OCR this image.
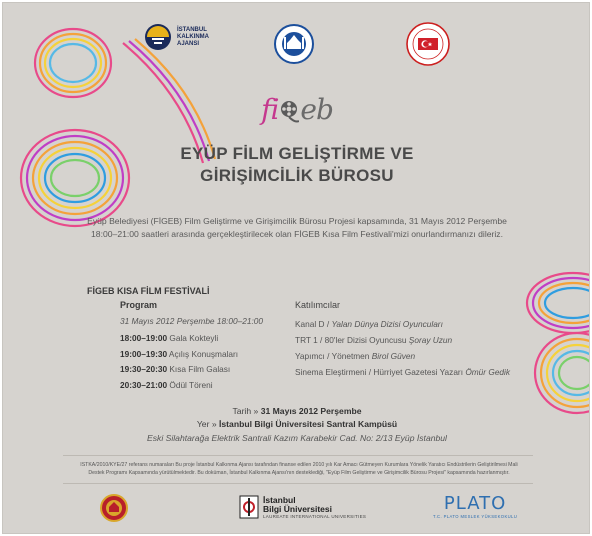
İSTANBUL KALKINMA AJANSI
fi eb
EYÜP FİLM GELİŞTİRME VE
GİRİŞİMCİLİK BÜROSU
Eyüp Belediyesi (FİGEB) Film Geliştirme ve Girişimcilik Bürosu Projesi kapsamında, 31 Mayıs 2012 Perşembe
18:00–21:00 saatleri arasında gerçekleştirilecek olan FİGEB Kısa Film Festivali'mizi onurlandırmanızı dileriz.
FİGEB KISA FİLM FESTİVALİ
Program
31 Mayıs 2012 Perşembe 18:00–21:00
18:00–19:00 Gala Kokteyli
19:00–19:30 Açılış Konuşmaları
19:30–20:30 Kısa Film Galası
20:30–21:00 Ödül Töreni
Katılımcılar
Kanal D / Yalan Dünya Dizisi Oyuncuları
TRT 1 / 80'ler Dizisi Oyuncusu Şoray Uzun
Yapımcı / Yönetmen Birol Güven
Sinema Eleştirmeni / Hürriyet Gazetesi Yazarı Ömür Gedik
Tarih » 31 Mayıs 2012 Perşembe
Yer » İstanbul Bilgi Üniversitesi Santral Kampüsü
Eski Silahtarağa Elektrik Santrali Kazım Karabekir Cad. No: 2/13 Eyüp İstanbul
ISTKA/2010/KYE/27 referans numaraları Bu proje İstanbul Kalkınma Ajansı tarafından finanse edilen 2010 yılı Kar Amacı Gütmeyen Kurumlara Yönelik Yaratıcı Endüstrilerin Geliştirilmesi Mali
Destek Programı Kapsamında yürütülmektedir. Bu doküman, İstanbul Kalkınma Ajansı'nın desteklediği, "Eyüp Film Geliştirme ve Girişimcilik Bürosu Projesi" kapsamında hazırlanmıştır.
İstanbul
Bilgi Üniversitesi
LAUREATE INTERNATIONAL UNIVERSITIES
PLATO
T.C. PLATO MESLEK YÜKSEKOKULU
